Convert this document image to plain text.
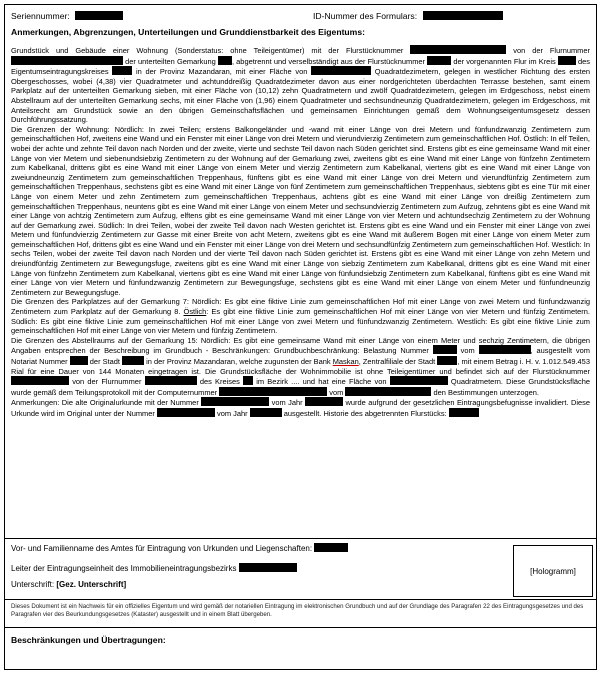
Seriennummer:	ID-Nummer des Formulars:
Anmerkungen, Abgrenzungen, Unterteilungen und Grunddienstbarkeit des Eigentums:

Grundstück und Gebäude einer Wohnung (Sonderstatus: ohne Teileigentümer) mit der Flurstücknummer	von der Flurnummer  der unterteilten Gemarkung , abgetrennt und verselbständigt aus der Flurstücknummer	der vorgenannten Flur im Kreis	des Eigentumseintragungskreises	in der Provinz Mazandaran, mit einer Fläche von	Quadratdezimetern, gelegen in westlicher Richtung des ersten Obergeschosses, wobei (4,38) vier Quadratmeter und achtunddreißig Quadratdezimeter davon aus einer nordgerichteten überdachten Terrasse bestehen, samt einem Parkplatz auf der unterteilten Gemarkung sieben, mit einer Fläche von (10,12) zehn Quadratmetern und zwölf Quadratdezimetern, gelegen im Erdgeschoss, nebst einem Abstellraum auf der unterteilten Gemarkung sechs, mit einer Fläche von (1,96) einem Quadratmeter und sechsundneunzig Quadratdezimetern, gelegen im Erdgeschoss, mit Anteilsrecht am Grundstück sowie an den übrigen Gemeinschaftsflächen und gemeinsamen Einrichtungen gemäß dem Wohnungseigentumsgesetz dessen Durchführungssatzung.

Die Grenzen der Wohnung: Nördlich: In zwei Teilen; erstens Balkongeländer und -wand mit einer Länge von drei Metern und fünfundzwanzig Zentimetern zum gemeinschaftlichen Hof, zweitens eine Wand und ein Fenster mit einer Länge von drei Metern und vierundvierzig Zentimetern zum gemeinschaftlichen Hof. Östlich: In elf Teilen, wobei der achte und zehnte Teil davon nach Norden und der zweite, vierte und sechste Teil davon nach Süden gerichtet sind. Erstens gibt es eine gemeinsame Wand mit einer Länge von vier Metern und siebenundsiebzig Zentimetern zu der Wohnung auf der Gemarkung zwei, zweitens gibt es eine Wand mit einer Länge von fünfzehn Zentimetern zum Kabelkanal, drittens gibt es eine Wand mit einer Länge von einem Meter und vierzig Zentimetern zum Kabelkanal, viertens gibt es eine Wand mit einer Länge von zweiundneunzig Zentimetern zum gemeinschaftlichen Treppenhaus, fünftens gibt es eine Wand mit einer Länge von drei Metern und vierundfünfzig Zentimetern zum gemeinschaftlichen Treppenhaus, sechstens gibt es eine Wand mit einer Länge von fünf Zentimetern zum gemeinschaftlichen Treppenhaus, siebtens gibt es eine Tür mit einer Länge von einem Meter und zehn Zentimetern zum gemeinschaftlichen Treppenhaus, achtens gibt es eine Wand mit einer Länge von dreißig Zentimetern zum gemeinschaftlichen Treppenhaus, neuntens gibt es eine Wand mit einer Länge von einem Meter und sechsundvierzig Zentimetern zum Aufzug, zehntens gibt es eine Wand mit einer Länge von achtzig Zentimetern zum Aufzug, elftens gibt es eine gemeinsame Wand mit einer Länge von vier Metern und achtundsechzig Zentimetern zu der Wohnung auf der Gemarkung zwei. Südlich: In drei Teilen, wobei der zweite Teil davon nach Westen gerichtet ist. Erstens gibt es eine Wand und ein Fenster mit einer Länge von zwei Metern und fünfundvierzig Zentimetern zur Gasse mit einer Breite von acht Metern, zweitens gibt es eine Wand mit äußerem Bogen mit einer Länge von einem Meter zum gemeinschaftlichen Hof, drittens gibt es eine Wand und ein Fenster mit einer Länge von drei Metern und sechsundfünfzig Zentimetern zum gemeinschaftlichen Hof. Westlich: In sechs Teilen, wobei der zweite Teil davon nach Norden und der vierte Teil davon nach Süden gerichtet ist. Erstens gibt es eine Wand mit einer Länge von zehn Metern und dreiundfünfzig Zentimetern zur Bewegungsfuge, zweitens gibt es eine Wand mit einer Länge von siebzig Zentimetern zum Kabelkanal, drittens gibt es eine Wand mit einer Länge von fünfzehn Zentimetern zum Kabelkanal, viertens gibt es eine Wand mit einer Länge von fünfundsiebzig Zentimetern zum Kabelkanal, fünftens gibt es eine Wand mit einer Länge von vier Metern und fünfundzwanzig Zentimetern zur Bewegungsfuge, sechstens gibt es eine Wand mit einer Länge von einem Meter und fünfundneunzig Zentimetern zur Bewegungsfuge.

Die Grenzen des Parkplatzes auf der Gemarkung 7: Nördlich: Es gibt eine fiktive Linie zum gemeinschaftlichen Hof mit einer Länge von zwei Metern und fünfundzwanzig Zentimetern zum Parkplatz auf der Gemarkung 8. Östlich: Es gibt eine fiktive Linie zum gemeinschaftlichen Hof mit einer Länge von vier Metern und fünfzig Zentimetern. Südlich: Es gibt eine fiktive Linie zum gemeinschaftlichen Hof mit einer Länge von zwei Metern und fünfundzwanzig Zentimetern. Westlich: Es gibt eine fiktive Linie zum gemeinschaftlichen Hof mit einer Länge von vier Metern und fünfzig Zentimetern.

Die Grenzen des Abstellraums auf der Gemarkung 15: Nördlich: Es gibt eine gemeinsame Wand mit einer Länge von einem Meter und sechzig Zentimetern, die übrigen Angaben entsprechen der Beschreibung im Grundbuch - Beschränkungen: Grundbuchbeschränkung: Belastung Nummer	vom	, ausgestellt vom Notariat Nummer	der Stadt	in der Provinz Mazandaran, welche zugunsten der Bank Maskan, Zentralfiliale der Stadt	, mit einem Betrag i. H. v. 1.012.549.453 Rial für eine Dauer von 144 Monaten eingetragen ist. Die Grundstücksfläche der Wohnimmobilie ist ohne Teileigentümer und befindet sich auf der Flurstücknummer  von der Flurnummer	des Kreises im Bezirk .... und hat eine Fläche von	Quadratmetern. Diese Grundstücksfläche wurde gemäß dem Teilungsprotokoll mit der Computernummer	vom	den Bestimmungen unterzogen.

Anmerkungen: Die alte Originalurkunde mit der Nummer	vom Jahr	wurde aufgrund der gesetzlichen Eintragungsbefugnisse invalidiert. Diese Urkunde wird im Original unter der Nummer	vom Jahr	ausgestellt. Historie des abgetrennten Flurstücks:

Vor- und Familienname des Amtes für Eintragung von Urkunden und Liegenschaften:
Leiter der Eintragungseinheit des Immobilieneintragungsbezirks
Unterschrift: [Gez. Unterschrift]
[Hologramm]
Dieses Dokument ist ein Nachweis für ein offizielles Eigentum und wird gemäß der notariellen Eintragung im elektronischen Grundbuch und auf der Grundlage des Paragrafen 22 des Eintragungsgesetzes und des Paragrafen vier des Beurkundungsgesetzes (Kataster) ausgestellt und in einem Blatt übergeben.
Beschränkungen und Übertragungen:
